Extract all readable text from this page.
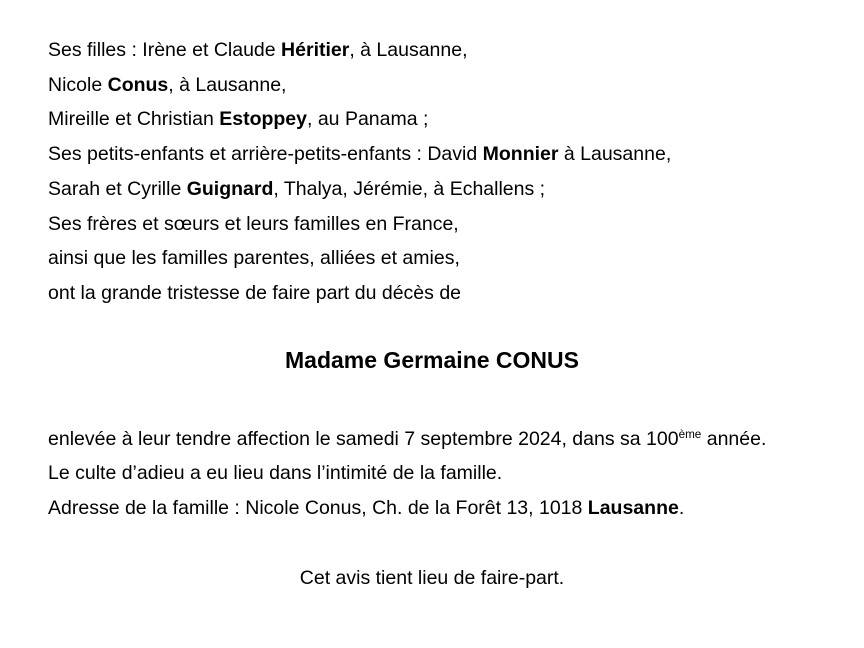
Ses filles : Irène et Claude Héritier, à Lausanne,
Nicole Conus, à Lausanne,
Mireille et Christian Estoppey, au Panama ;
Ses petits-enfants et arrière-petits-enfants : David Monnier à Lausanne,
Sarah et Cyrille Guignard, Thalya, Jérémie, à Echallens ;
Ses frères et sœurs et leurs familles en France,
ainsi que les familles parentes, alliées et amies,
ont la grande tristesse de faire part du décès de
Madame Germaine CONUS
enlevée à leur tendre affection le samedi 7 septembre 2024, dans sa 100ème année.
Le culte d’adieu a eu lieu dans l’intimité de la famille.
Adresse de la famille : Nicole Conus, Ch. de la Forêt 13, 1018 Lausanne.
Cet avis tient lieu de faire-part.
